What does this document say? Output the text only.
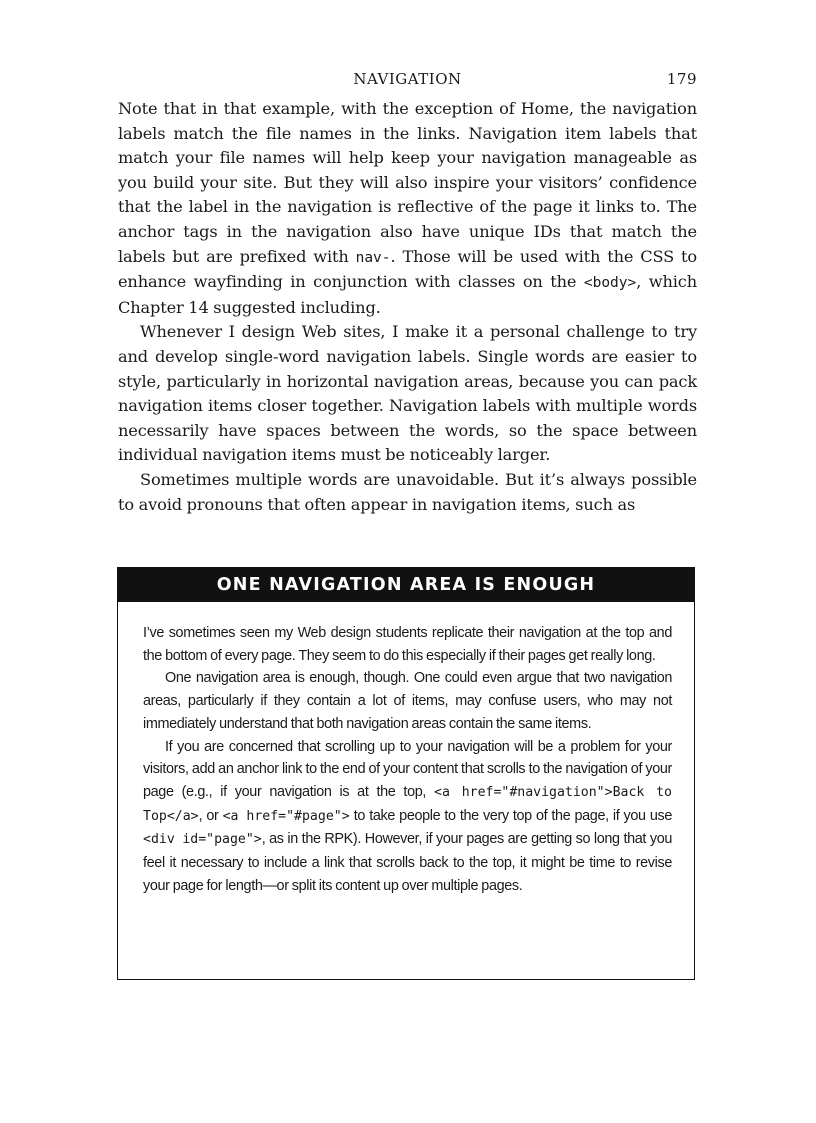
NAVIGATION	179

Note that in that example, with the exception of Home, the navigation labels match the file names in the links. Navigation item labels that match your file names will help keep your navigation manageable as you build your site. But they will also inspire your visitors’ confidence that the label in the navigation is reflective of the page it links to. The anchor tags in the navigation also have unique IDs that match the labels but are prefixed with nav-. Those will be used with the CSS to enhance wayfinding in conjunction with classes on the <body>, which Chapter 14 suggested including.

Whenever I design Web sites, I make it a personal challenge to try and develop single-word navigation labels. Single words are easier to style, particularly in horizontal navigation areas, because you can pack navigation items closer together. Navigation labels with multiple words necessarily have spaces between the words, so the space between individual navigation items must be noticeably larger.

Sometimes multiple words are unavoidable. But it’s always possible to avoid pronouns that often appear in navigation items, such as

ONE NAVIGATION AREA IS ENOUGH

I’ve sometimes seen my Web design students replicate their navigation at the top and the bottom of every page. They seem to do this especially if their pages get really long.

One navigation area is enough, though. One could even argue that two navigation areas, particularly if they contain a lot of items, may confuse users, who may not immediately understand that both navigation areas contain the same items.

If you are concerned that scrolling up to your navigation will be a problem for your visitors, add an anchor link to the end of your content that scrolls to the navigation of your page (e.g., if your navigation is at the top, <a href="#navigation">Back to Top</a>, or <a href="#page"> to take people to the very top of the page, if you use <div id="page">, as in the RPK). However, if your pages are getting so long that you feel it necessary to include a link that scrolls back to the top, it might be time to revise your page for length—or split its content up over multiple pages.
